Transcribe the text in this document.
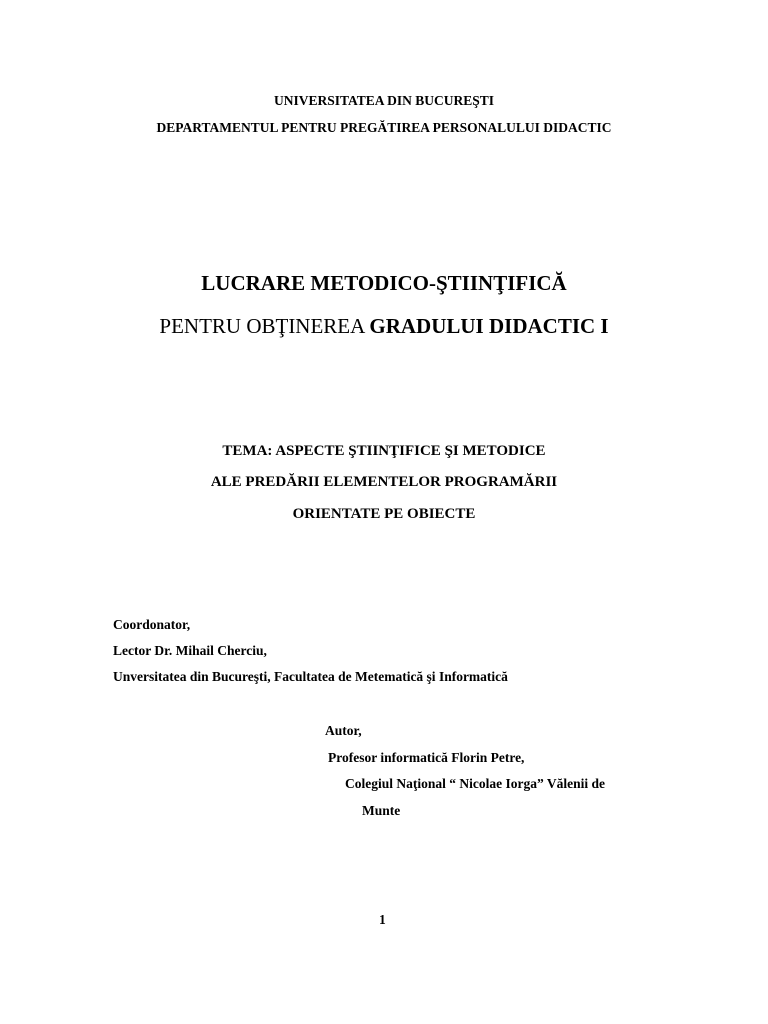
UNIVERSITATEA DIN BUCUREŞTI
DEPARTAMENTUL PENTRU PREGĂTIREA PERSONALULUI DIDACTIC
LUCRARE METODICO-ŞTIINŢIFICĂ
PENTRU OBŢINEREA GRADULUI DIDACTIC I
TEMA: ASPECTE ŞTIINŢIFICE ŞI METODICE
ALE PREDĂRII ELEMENTELOR PROGRAMĂRII
ORIENTATE PE OBIECTE
Coordonator,
Lector Dr. Mihail Cherciu,
Unversitatea din Bucureşti, Facultatea de Metematică şi Informatică
Autor,
Profesor informatică Florin Petre,
Colegiul Naţional “ Nicolae Iorga” Vălenii de
Munte
1
